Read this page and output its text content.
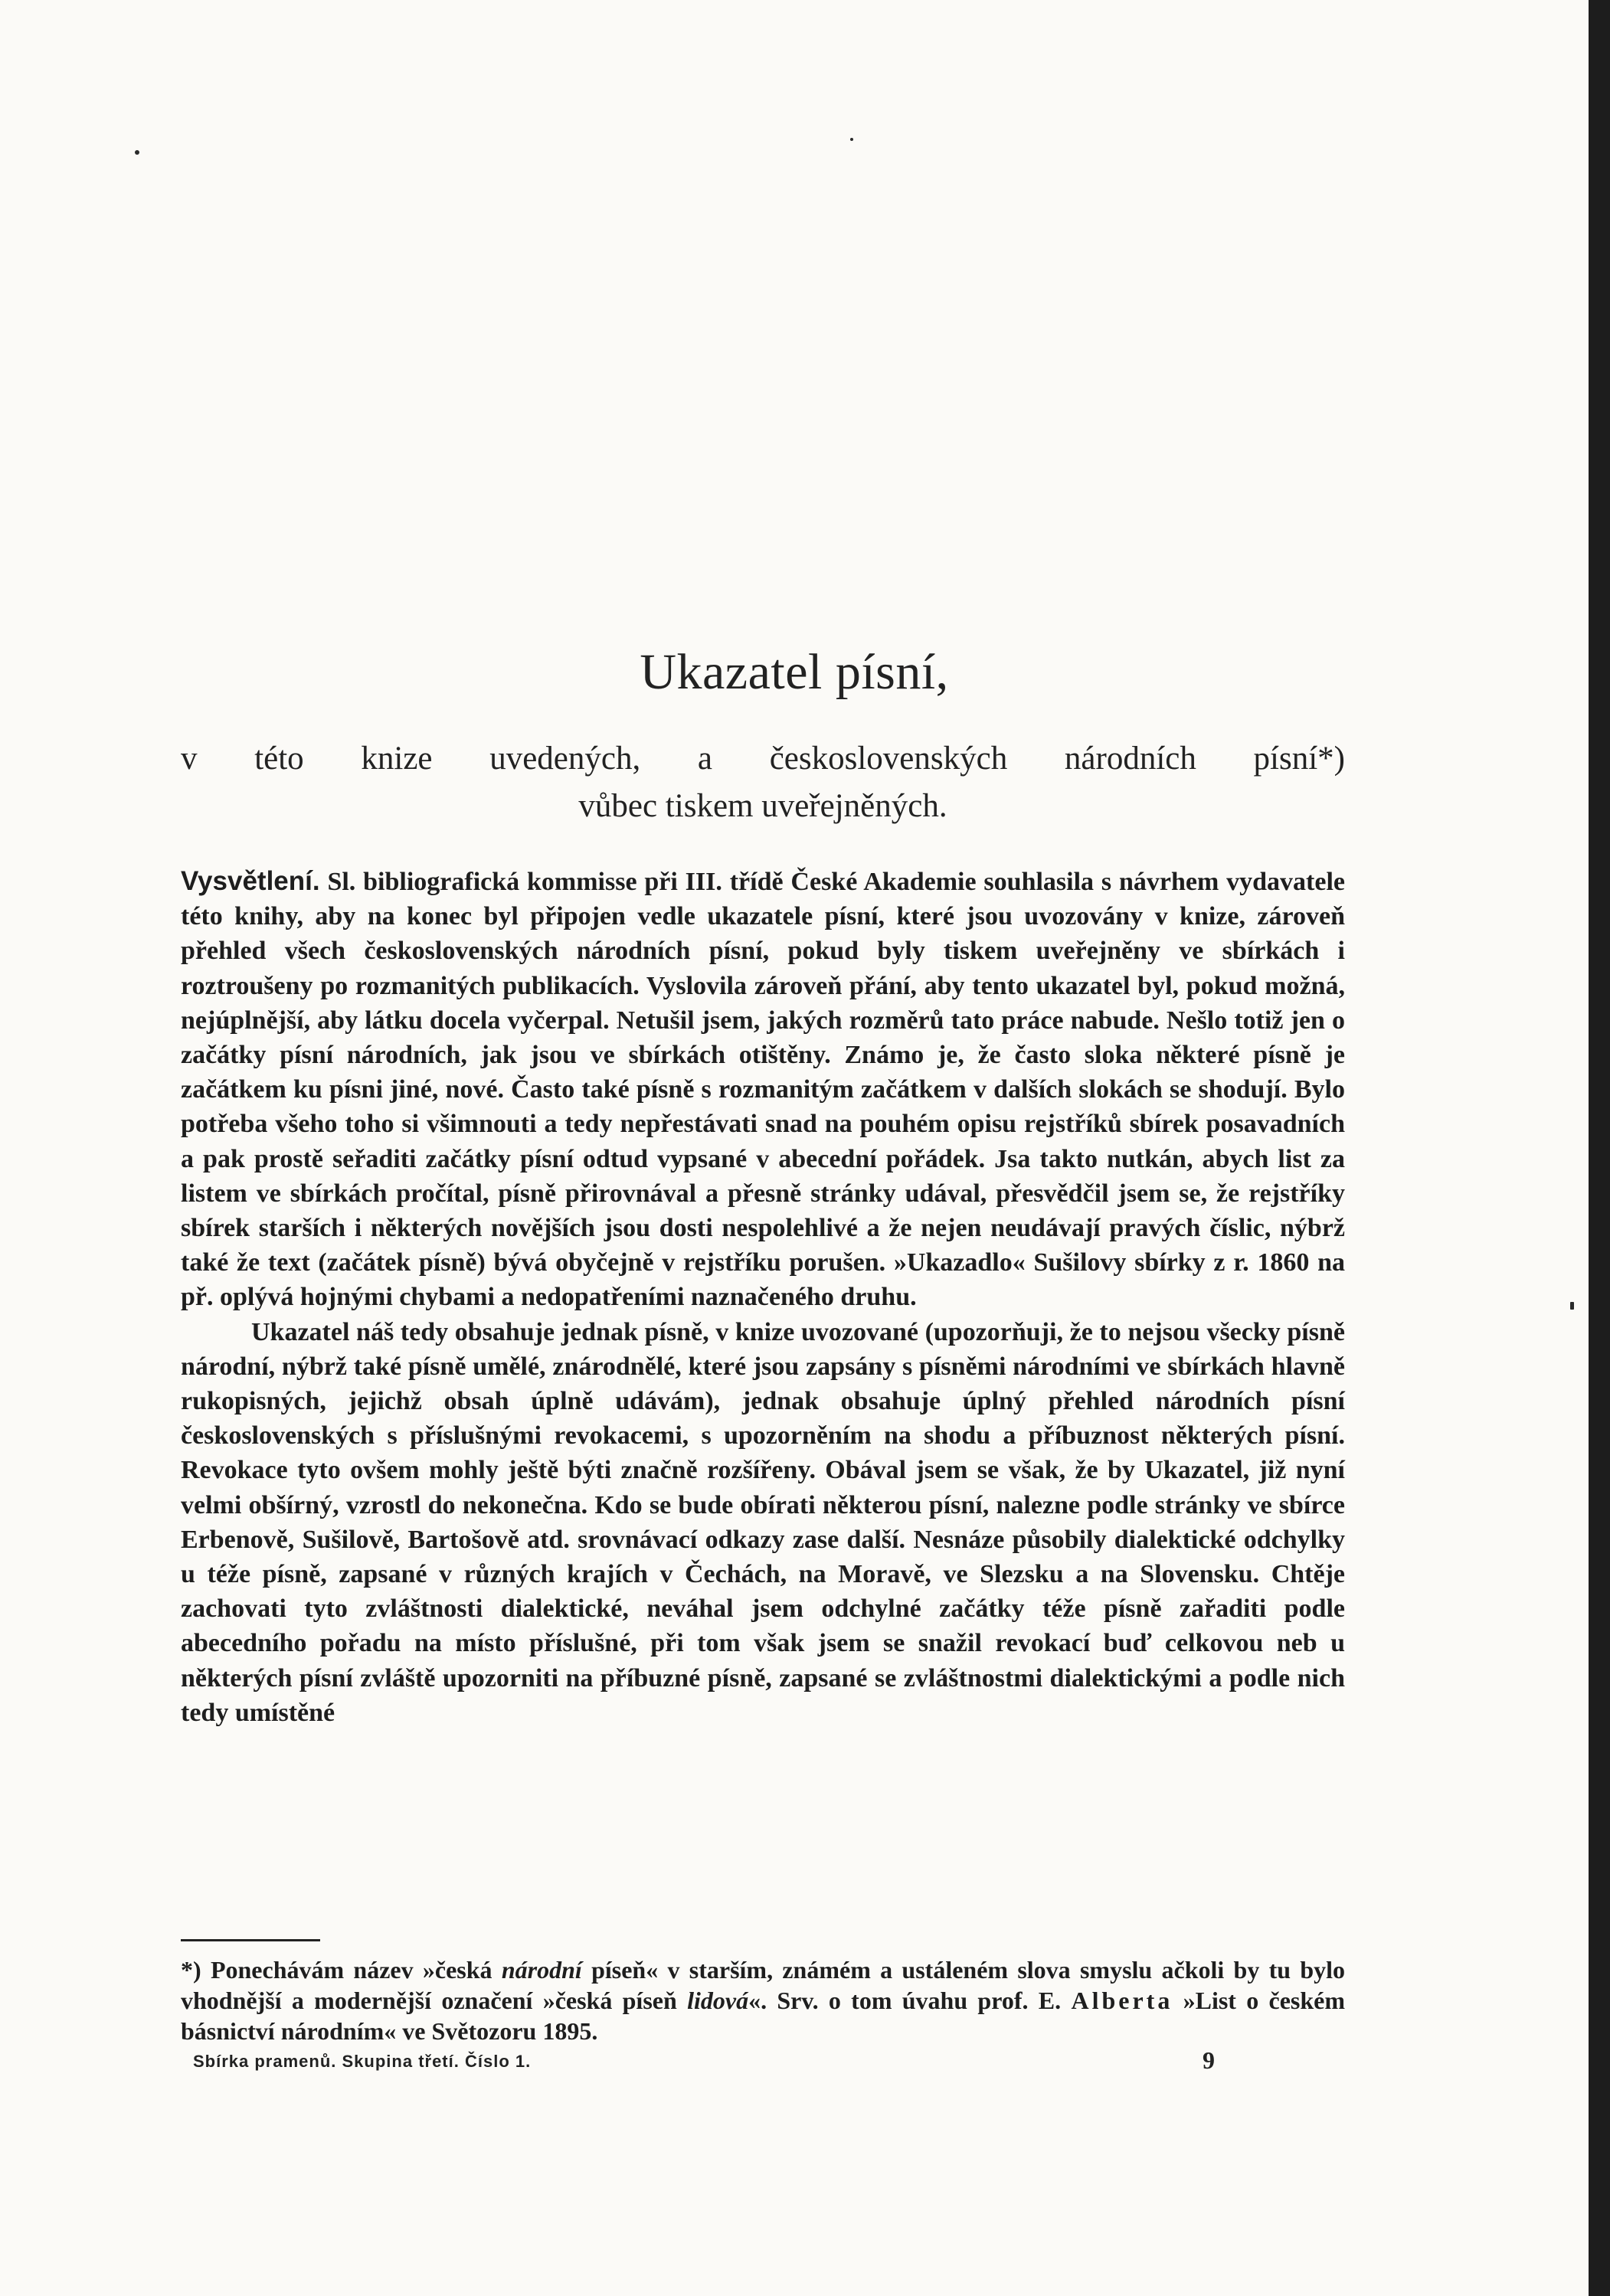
Ukazatel písní,
v této knize uvedených, a československých národních písní*)
vůbec tiskem uveřejněných.

Vysvětlení. Sl. bibliografická kommisse při III. třídě České Akademie souhlasila s návrhem vydavatele této knihy, aby na konec byl připojen vedle ukazatele písní, které jsou uvozovány v knize, zároveň přehled všech československých národních písní, pokud byly tiskem uveřejněny ve sbírkách i roztroušeny po rozmanitých publikacích. Vyslovila zároveň přání, aby tento ukazatel byl, pokud možná, nejúplnější, aby látku docela vyčerpal. Netušil jsem, jakých rozměrů tato práce nabude. Nešlo totiž jen o začátky písní národních, jak jsou ve sbírkách otištěny. Známo je, že často sloka některé písně je začátkem ku písni jiné, nové. Často také písně s rozmanitým začátkem v dalších slokách se shodují. Bylo potřeba všeho toho si všimnouti a tedy nepřestávati snad na pouhém opisu rejstříků sbírek posavadních a pak prostě seřaditi začátky písní odtud vypsané v abecední pořádek. Jsa takto nutkán, abych list za listem ve sbírkách pročítal, písně přirovnával a přesně stránky udával, přesvědčil jsem se, že rejstříky sbírek starších i některých novějších jsou dosti nespolehlivé a že nejen neudávají pravých číslic, nýbrž také že text (začátek písně) bývá obyčejně v rejstříku porušen. »Ukazadlo« Sušilovy sbírky z r. 1860 na př. oplývá hojnými chybami a nedopatřeními naznačeného druhu.

Ukazatel náš tedy obsahuje jednak písně, v knize uvozované (upozorňuji, že to nejsou všecky písně národní, nýbrž také písně umělé, znárodnělé, které jsou zapsány s písněmi národními ve sbírkách hlavně rukopisných, jejichž obsah úplně udávám), jednak obsahuje úplný přehled národních písní československých s příslušnými revokacemi, s upozorněním na shodu a příbuznost některých písní. Revokace tyto ovšem mohly ještě býti značně rozšířeny. Obával jsem se však, že by Ukazatel, již nyní velmi obšírný, vzrostl do nekonečna. Kdo se bude obírati některou písní, nalezne podle stránky ve sbírce Erbenově, Sušilově, Bartošově atd. srovnávací odkazy zase další. Nesnáze působily dialektické odchylky u téže písně, zapsané v různých krajích v Čechách, na Moravě, ve Slezsku a na Slovensku. Chtěje zachovati tyto zvláštnosti dialektické, neváhal jsem odchylné začátky téže písně zařaditi podle abecedního pořadu na místo příslušné, při tom však jsem se snažil revokací buď celkovou neb u některých písní zvláště upozorniti na příbuzné písně, zapsané se zvláštnostmi dialektickými a podle nich tedy umístěné

*) Ponechávám název »česká národní píseň« v starším, známém a ustáleném slova smyslu ačkoli by tu bylo vhodnější a modernější označení »česká píseň lidová«. Srv. o tom úvahu prof. E. Alberta »List o českém básnictví národním« ve Světozoru 1895.

Sbírka pramenů. Skupina třetí. Číslo 1.	9
